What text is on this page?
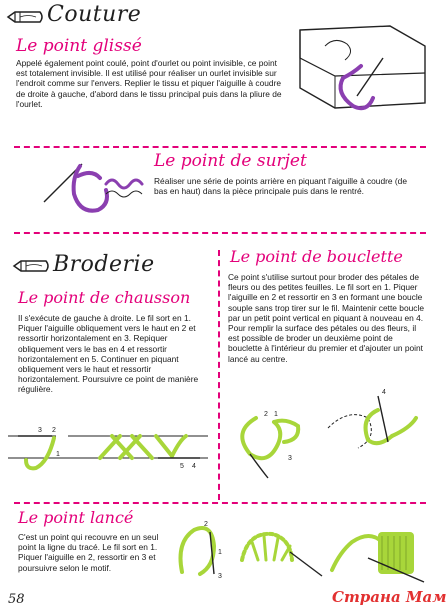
Couture
Le point glissé
Appelé également point coulé, point d'ourlet ou point invisible, ce point est totalement invisible. Il est utilisé pour réaliser un ourlet invisible sur l'endroit comme sur l'envers. Replier le tissu et piquer l'aiguille à coudre de droite à gauche, d'abord dans le tissu principal puis dans la pliure de l'ourlet.
Le point de surjet
Réaliser une série de points arrière en piquant l'aiguille à coudre (de bas en haut) dans la pièce principale puis dans le rentré.
Broderie
Le point de chausson
Il s'exécute de gauche à droite. Le fil sort en 1. Piquer l'aiguille obliquement vers le haut en 2 et ressortir horizontalement en 3. Repiquer obliquement vers le bas en 4 et ressortir horizontalement en 5. Continuer en piquant obliquement vers le haut et ressortir horizontalement. Poursuivre ce point de manière régulière.
3 2
1
5 4
Le point de bouclette
Ce point s'utilise surtout pour broder des pétales de fleurs ou des petites feuilles. Le fil sort en 1. Piquer l'aiguille en 2 et ressortir en 3 en formant une boucle souple sans trop tirer sur le fil. Maintenir cette boucle par un petit point vertical en piquant à nouveau en 4. Pour remplir la surface des pétales ou des fleurs, il est possible de broder un deuxième point de bouclette à l'intérieur du premier et d'ajouter un point lancé au centre.
2 1
3
4
Le point lancé
C'est un point qui recouvre en un seul point la ligne du tracé. Le fil sort en 1. Piquer l'aiguille en 2, ressortir en 3 et poursuivre selon le motif.
2
1
3
58	Страна Мам
